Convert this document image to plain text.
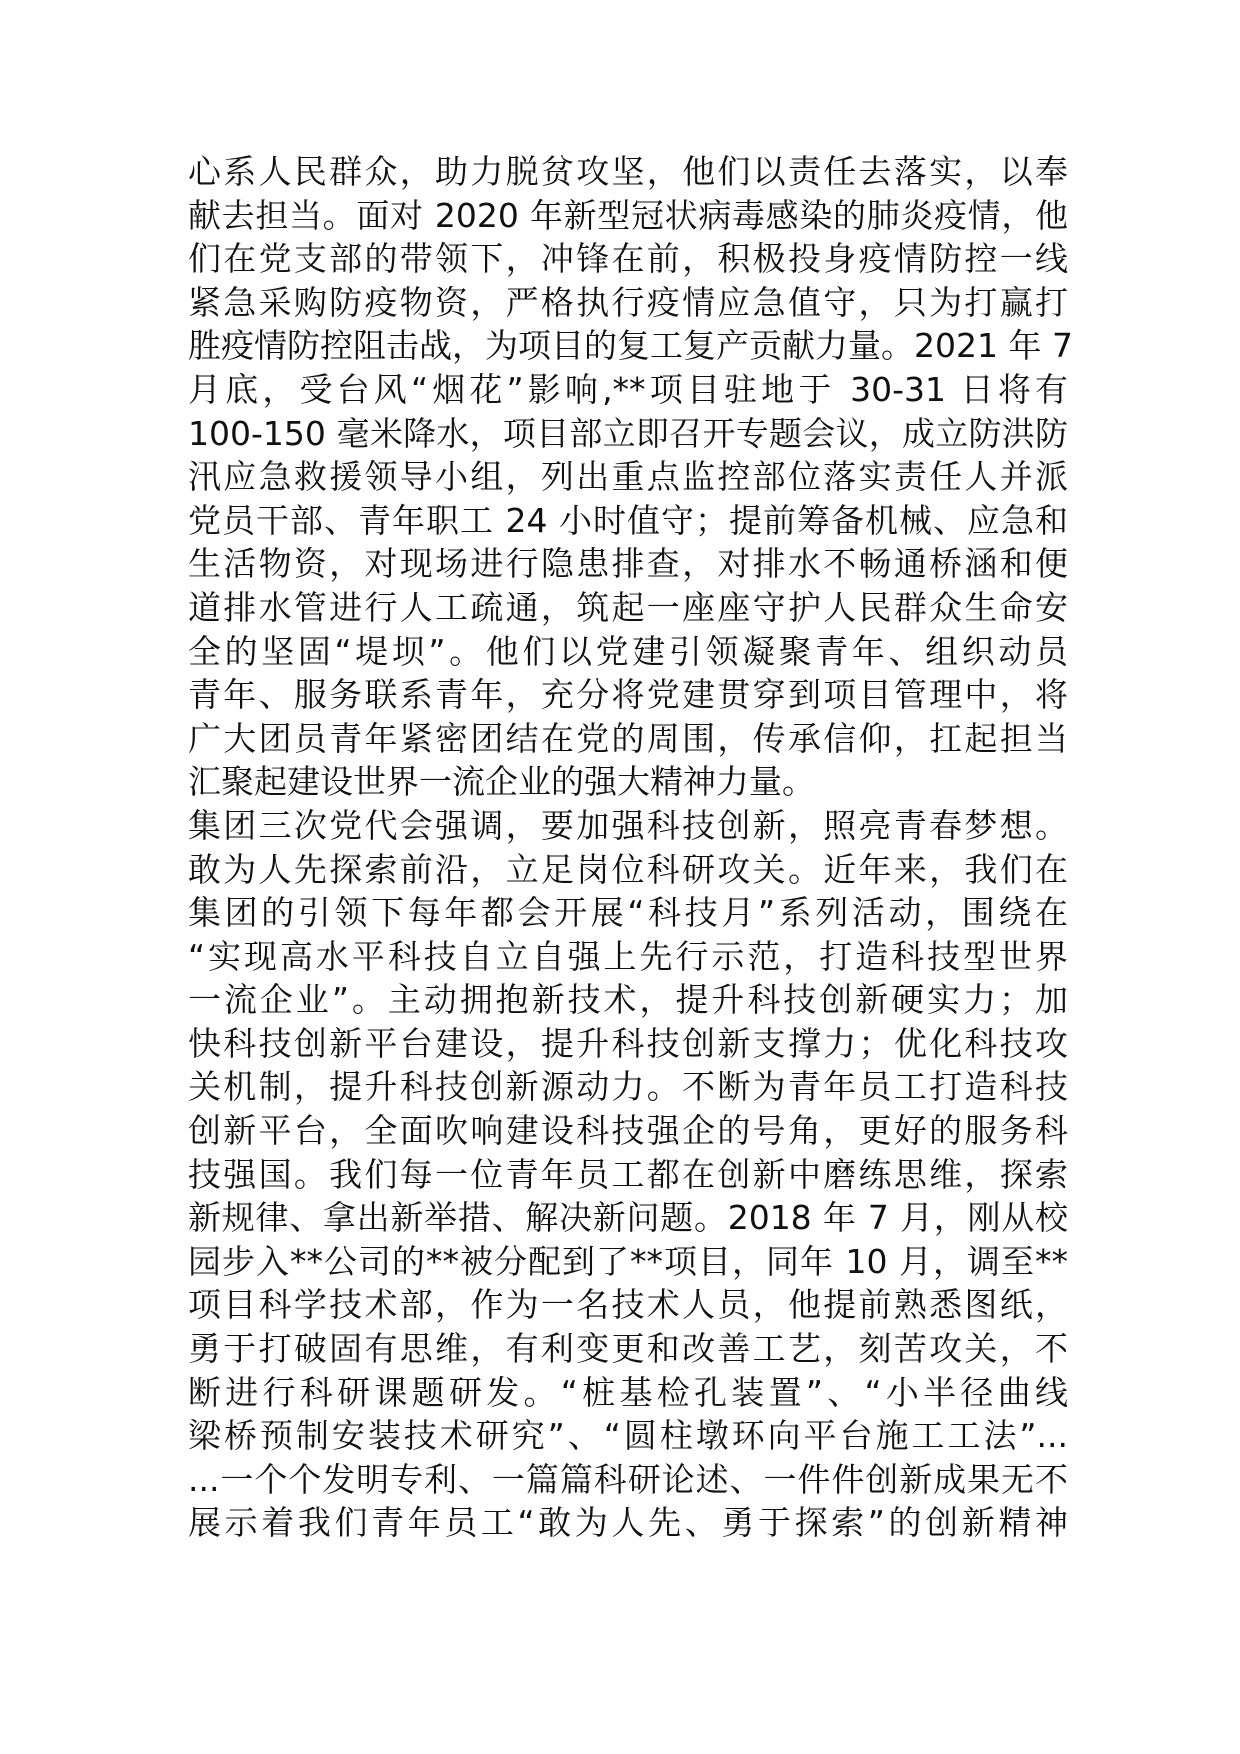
心系人民群众，助力脱贫攻坚，他们以责任去落实，以奉
献去担当。面对 2020 年新型冠状病毒感染的肺炎疫情，他
们在党支部的带领下，冲锋在前，积极投身疫情防控一线
紧急采购防疫物资，严格执行疫情应急值守，只为打赢打
胜疫情防控阻击战，为项目的复工复产贡献力量。2021 年 7
月底，受台风“烟花”影响,**项目驻地于 30-31 日将有
100-150 毫米降水，项目部立即召开专题会议，成立防洪防
汛应急救援领导小组，列出重点监控部位落实责任人并派
党员干部、青年职工 24 小时值守；提前筹备机械、应急和
生活物资，对现场进行隐患排查，对排水不畅通桥涵和便
道排水管进行人工疏通，筑起一座座守护人民群众生命安
全的坚固“堤坝”。他们以党建引领凝聚青年、组织动员
青年、服务联系青年，充分将党建贯穿到项目管理中，将
广大团员青年紧密团结在党的周围，传承信仰，扛起担当
汇聚起建设世界一流企业的强大精神力量。
集团三次党代会强调，要加强科技创新，照亮青春梦想。
敢为人先探索前沿，立足岗位科研攻关。近年来，我们在
集团的引领下每年都会开展“科技月”系列活动，围绕在
“实现高水平科技自立自强上先行示范，打造科技型世界
一流企业”。主动拥抱新技术，提升科技创新硬实力；加
快科技创新平台建设，提升科技创新支撑力；优化科技攻
关机制，提升科技创新源动力。不断为青年员工打造科技
创新平台，全面吹响建设科技强企的号角，更好的服务科
技强国。我们每一位青年员工都在创新中磨练思维，探索
新规律、拿出新举措、解决新问题。2018 年 7 月，刚从校
园步入**公司的**被分配到了**项目，同年 10 月，调至**
项目科学技术部，作为一名技术人员，他提前熟悉图纸，
勇于打破固有思维，有利变更和改善工艺，刻苦攻关，不
断进行科研课题研发。“桩基检孔装置”、“小半径曲线
梁桥预制安装技术研究”、“圆柱墩环向平台施工工法”...
...一个个发明专利、一篇篇科研论述、一件件创新成果无不
展示着我们青年员工“敢为人先、勇于探索”的创新精神
